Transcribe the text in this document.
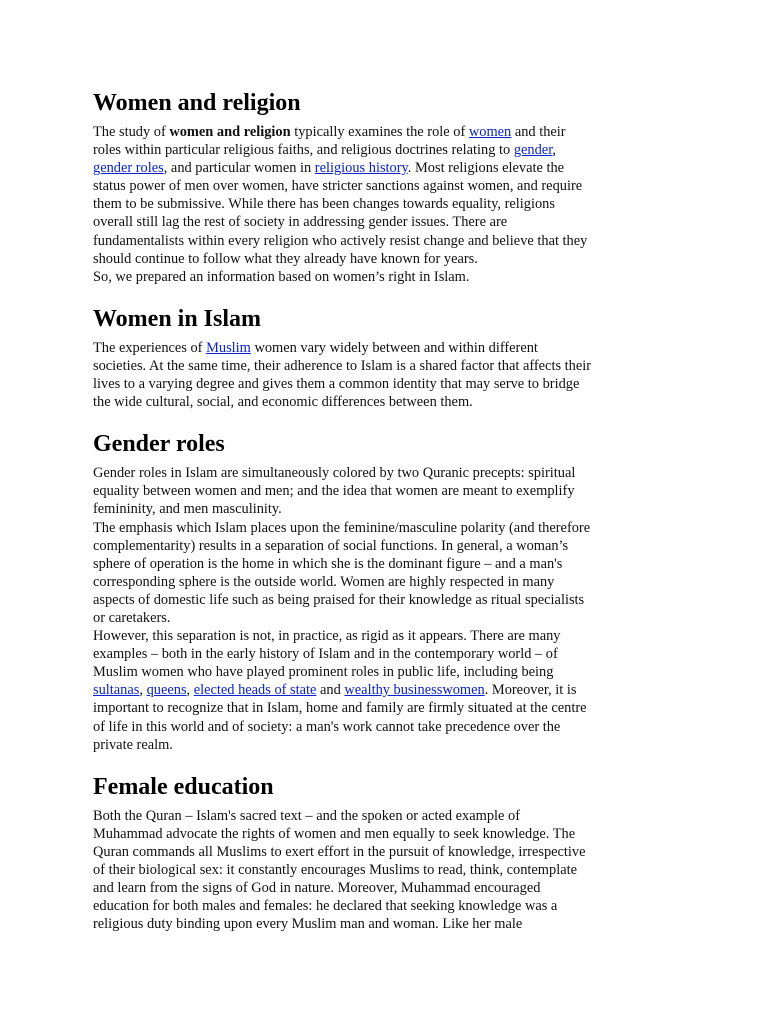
Women and religion

The study of women and religion typically examines the role of women and their
roles within particular religious faiths, and religious doctrines relating to gender,
gender roles, and particular women in religious history. Most religions elevate the
status power of men over women, have stricter sanctions against women, and require
them to be submissive. While there has been changes towards equality, religions
overall still lag the rest of society in addressing gender issues. There are
fundamentalists within every religion who actively resist change and believe that they
should continue to follow what they already have known for years.
So, we prepared an information based on women’s right in Islam.

Women in Islam

The experiences of Muslim women vary widely between and within different
societies. At the same time, their adherence to Islam is a shared factor that affects their
lives to a varying degree and gives them a common identity that may serve to bridge
the wide cultural, social, and economic differences between them.

Gender roles

Gender roles in Islam are simultaneously colored by two Quranic precepts: spiritual
equality between women and men; and the idea that women are meant to exemplify
femininity, and men masculinity.

The emphasis which Islam places upon the feminine/masculine polarity (and therefore
complementarity) results in a separation of social functions. In general, a woman’s
sphere of operation is the home in which she is the dominant figure – and a man's
corresponding sphere is the outside world. Women are highly respected in many
aspects of domestic life such as being praised for their knowledge as ritual specialists
or caretakers.

However, this separation is not, in practice, as rigid as it appears. There are many
examples – both in the early history of Islam and in the contemporary world – of
Muslim women who have played prominent roles in public life, including being
sultanas, queens, elected heads of state and wealthy businesswomen. Moreover, it is
important to recognize that in Islam, home and family are firmly situated at the centre
of life in this world and of society: a man's work cannot take precedence over the
private realm.

Female education

Both the Quran – Islam's sacred text – and the spoken or acted example of
Muhammad advocate the rights of women and men equally to seek knowledge. The
Quran commands all Muslims to exert effort in the pursuit of knowledge, irrespective
of their biological sex: it constantly encourages Muslims to read, think, contemplate
and learn from the signs of God in nature. Moreover, Muhammad encouraged
education for both males and females: he declared that seeking knowledge was a
religious duty binding upon every Muslim man and woman. Like her male
